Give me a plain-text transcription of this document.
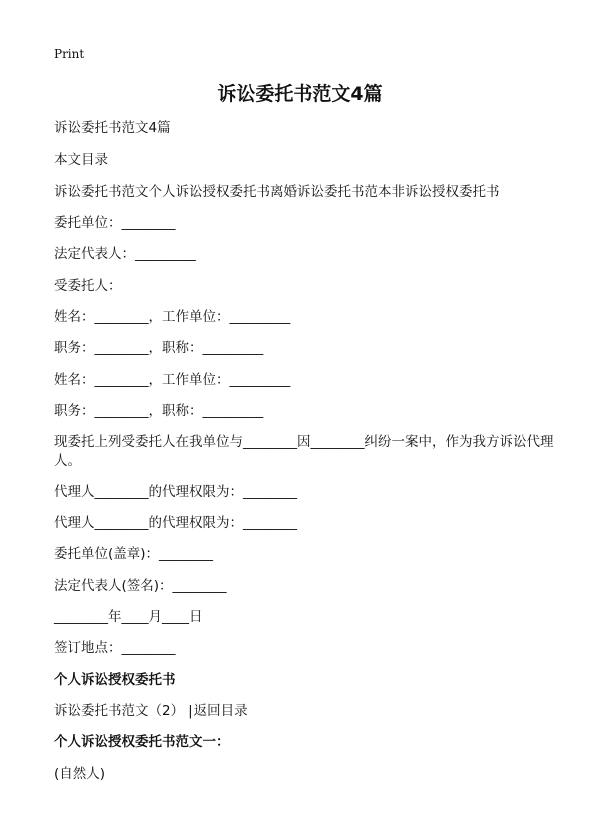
Print
诉讼委托书范文4篇
诉讼委托书范文4篇
本文目录
诉讼委托书范文个人诉讼授权委托书离婚诉讼委托书范本非诉讼授权委托书
委托单位：________
法定代表人：_________
受委托人：
姓名：________，工作单位：_________
职务：________，职称：_________
姓名：________，工作单位：_________
职务：________，职称：_________
现委托上列受委托人在我单位与________因________纠纷一案中，作为我方诉讼代理人。
代理人________的代理权限为：________
代理人________的代理权限为：________
委托单位(盖章)：________
法定代表人(签名)：________
________年____月____日
签订地点：________
个人诉讼授权委托书
诉讼委托书范文（2） |返回目录
个人诉讼授权委托书范文一：
(自然人)
